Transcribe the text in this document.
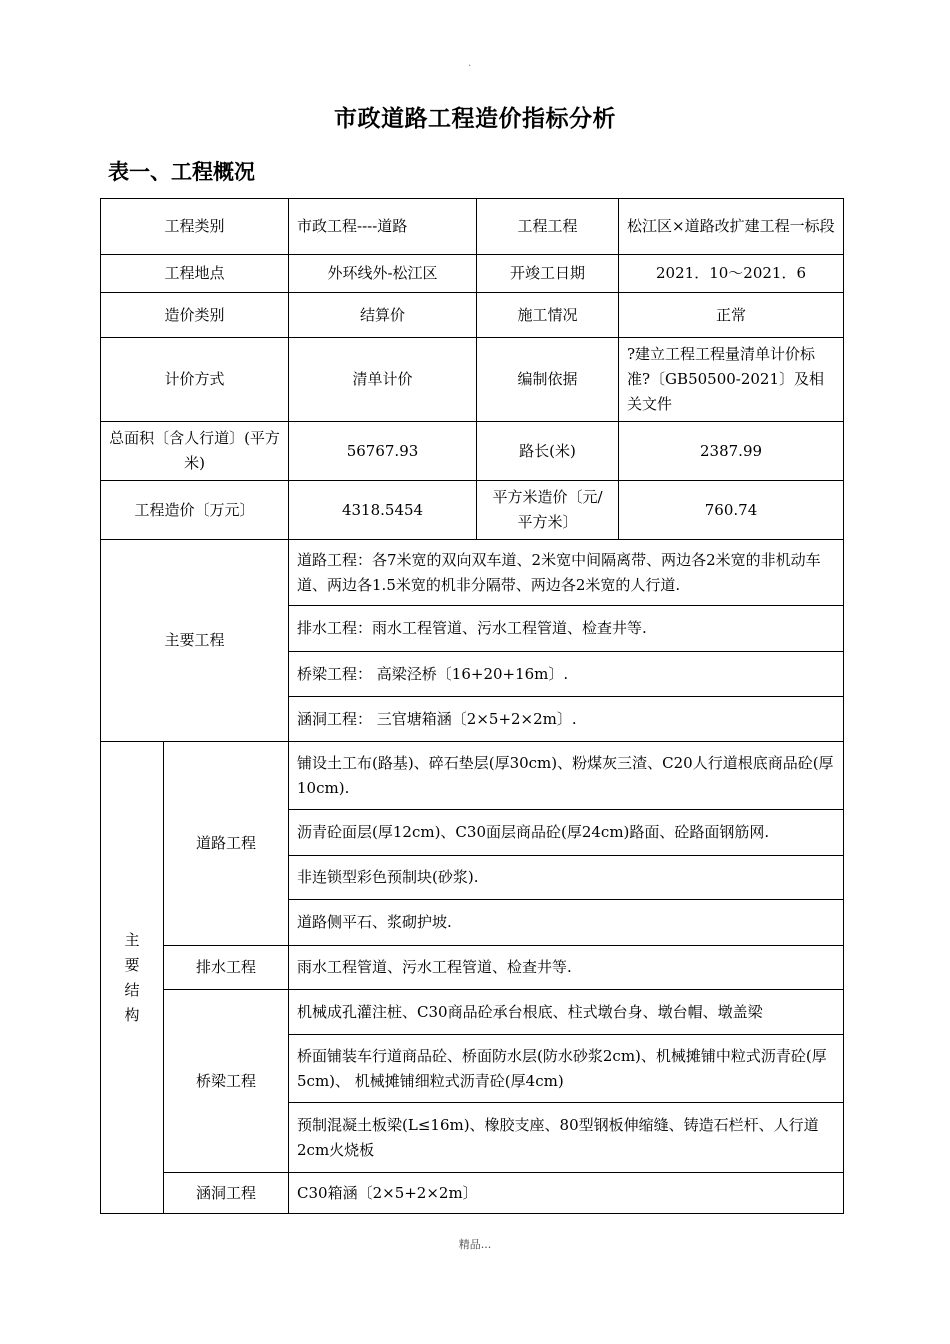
.
市政道路工程造价指标分析
表一、工程概况
工程类别		市政工程----道路	工程工程	松江区×道路改扩建工程一标段
工程地点		外环线外-松江区	开竣工日期	2021．10～2021．6
造价类别		结算价	施工情况	正常
计价方式		清单计价	编制依据	?建立工程工程量清单计价标准?〔GB50500-2021〕及相关文件
总面积〔含人行道〕(平方米)		56767.93	路长(米)	2387.99
工程造价〔万元〕		4318.5454	平方米造价〔元/平方米〕	760.74
主要工程		道路工程：各7米宽的双向双车道、2米宽中间隔离带、两边各2米宽的非机动车道、两边各1.5米宽的机非分隔带、两边各2米宽的人行道.		
		排水工程：雨水工程管道、污水工程管道、检查井等.		
		桥梁工程： 高梁泾桥〔16+20+16m〕.		
		涵洞工程： 三官塘箱涵〔2×5+2×2m〕.		
主要结构	道路工程	铺设土工布(路基)、碎石垫层(厚30cm)、粉煤灰三渣、C20人行道根底商品砼(厚10cm).		
		沥青砼面层(厚12cm)、C30面层商品砼(厚24cm)路面、砼路面钢筋网.		
		非连锁型彩色预制块(砂浆).		
		道路侧平石、浆砌护坡.		
	排水工程	雨水工程管道、污水工程管道、检查井等.		
	桥梁工程	机械成孔灌注桩、C30商品砼承台根底、柱式墩台身、墩台帽、墩盖梁		
		桥面铺装车行道商品砼、桥面防水层(防水砂浆2cm)、机械摊铺中粒式沥青砼(厚5cm)、 机械摊铺细粒式沥青砼(厚4cm)		
		预制混凝土板梁(L≤16m)、橡胶支座、80型钢板伸缩缝、铸造石栏杆、人行道2cm火烧板		
	涵洞工程	C30箱涵〔2×5+2×2m〕		
精品...
